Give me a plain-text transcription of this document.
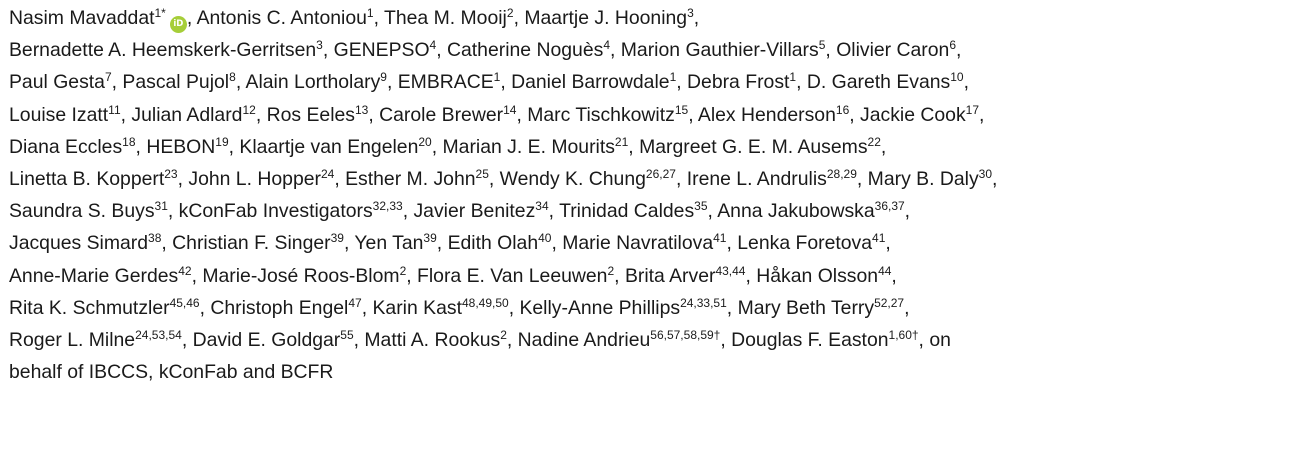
Nasim Mavaddat$^{1*}$iD , Antonis C. Antoniou$^1$, Thea M. Mooij$^2$, Maartje J. Hooning$^3$,
Bernadette A. Heemskerk-Gerritsen$^3$, GENEPSO$^4$, Catherine Noguès$^4$, Marion Gauthier-Villars$^5$, Olivier Caron$^6$,
Paul Gesta$^7$, Pascal Pujol$^8$, Alain Lortholary$^9$, EMBRACE$^1$, Daniel Barrowdale$^1$, Debra Frost$^1$, D. Gareth Evans$^{10}$,
Louise Izatt$^{11}$, Julian Adlard$^{12}$, Ros Eeles$^{13}$, Carole Brewer$^{14}$, Marc Tischkowitz$^{15}$, Alex Henderson$^{16}$, Jackie Cook$^{17}$,
Diana Eccles$^{18}$, HEBON$^{19}$, Klaartje van Engelen$^{20}$, Marian J. E. Mourits$^{21}$, Margreet G. E. M. Ausems$^{22}$,
Linetta B. Koppert$^{23}$, John L. Hopper$^{24}$, Esther M. John$^{25}$, Wendy K. Chung$^{26,27}$, Irene L. Andrulis$^{28,29}$, Mary B. Daly$^{30}$,
Saundra S. Buys$^{31}$, kConFab Investigators$^{32,33}$, Javier Benitez$^{34}$, Trinidad Caldes$^{35}$, Anna Jakubowska$^{36,37}$,
Jacques Simard$^{38}$, Christian F. Singer$^{39}$, Yen Tan$^{39}$, Edith Olah$^{40}$, Marie Navratilova$^{41}$, Lenka Foretova$^{41}$,
Anne-Marie Gerdes$^{42}$, Marie-José Roos-Blom$^2$, Flora E. Van Leeuwen$^2$, Brita Arver$^{43,44}$, Håkan Olsson$^{44}$,
Rita K. Schmutzler$^{45,46}$, Christoph Engel$^{47}$, Karin Kast$^{48,49,50}$, Kelly-Anne Phillips$^{24,33,51}$, Mary Beth Terry$^{52,27}$,
Roger L. Milne$^{24,53,54}$, David E. Goldgar$^{55}$, Matti A. Rookus$^2$, Nadine Andrieu$^{56,57,58,59\dagger}$, Douglas F. Easton$^{1,60\dagger}$, on
behalf of IBCCS, kConFab and BCFR
